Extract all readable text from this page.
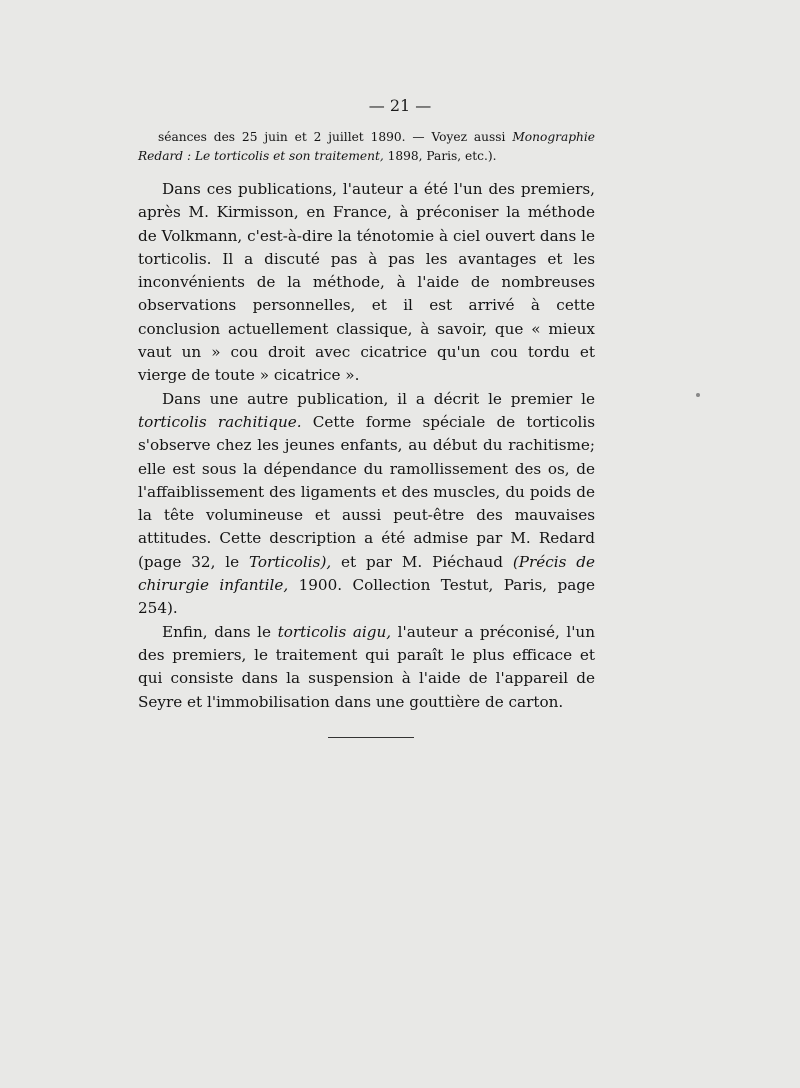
— 21 —

séances des 25 juin et 2 juillet 1890. — Voyez aussi Monographie Redard : Le torticolis et son traitement, 1898, Paris, etc.).

Dans ces publications, l'auteur a été l'un des premiers, après M. Kirmisson, en France, à préconiser la méthode de Volkmann, c'est-à-dire la ténotomie à ciel ouvert dans le torticolis. Il a discuté pas à pas les avantages et les inconvénients de la méthode, à l'aide de nombreuses observations personnelles, et il est arrivé à cette conclusion actuellement classique, à savoir, que « mieux vaut un » cou droit avec cicatrice qu'un cou tordu et vierge de toute » cicatrice ».

Dans une autre publication, il a décrit le premier le torticolis rachitique. Cette forme spéciale de torticolis s'observe chez les jeunes enfants, au début du rachitisme; elle est sous la dépendance du ramollissement des os, de l'affaiblissement des ligaments et des muscles, du poids de la tête volumineuse et aussi peut-être des mauvaises attitudes. Cette description a été admise par M. Redard (page 32, le Torticolis), et par M. Piéchaud (Précis de chirurgie infantile, 1900. Collection Testut, Paris, page 254).

Enfin, dans le torticolis aigu, l'auteur a préconisé, l'un des premiers, le traitement qui paraît le plus efficace et qui consiste dans la suspension à l'aide de l'appareil de Seyre et l'immobilisation dans une gouttière de carton.
